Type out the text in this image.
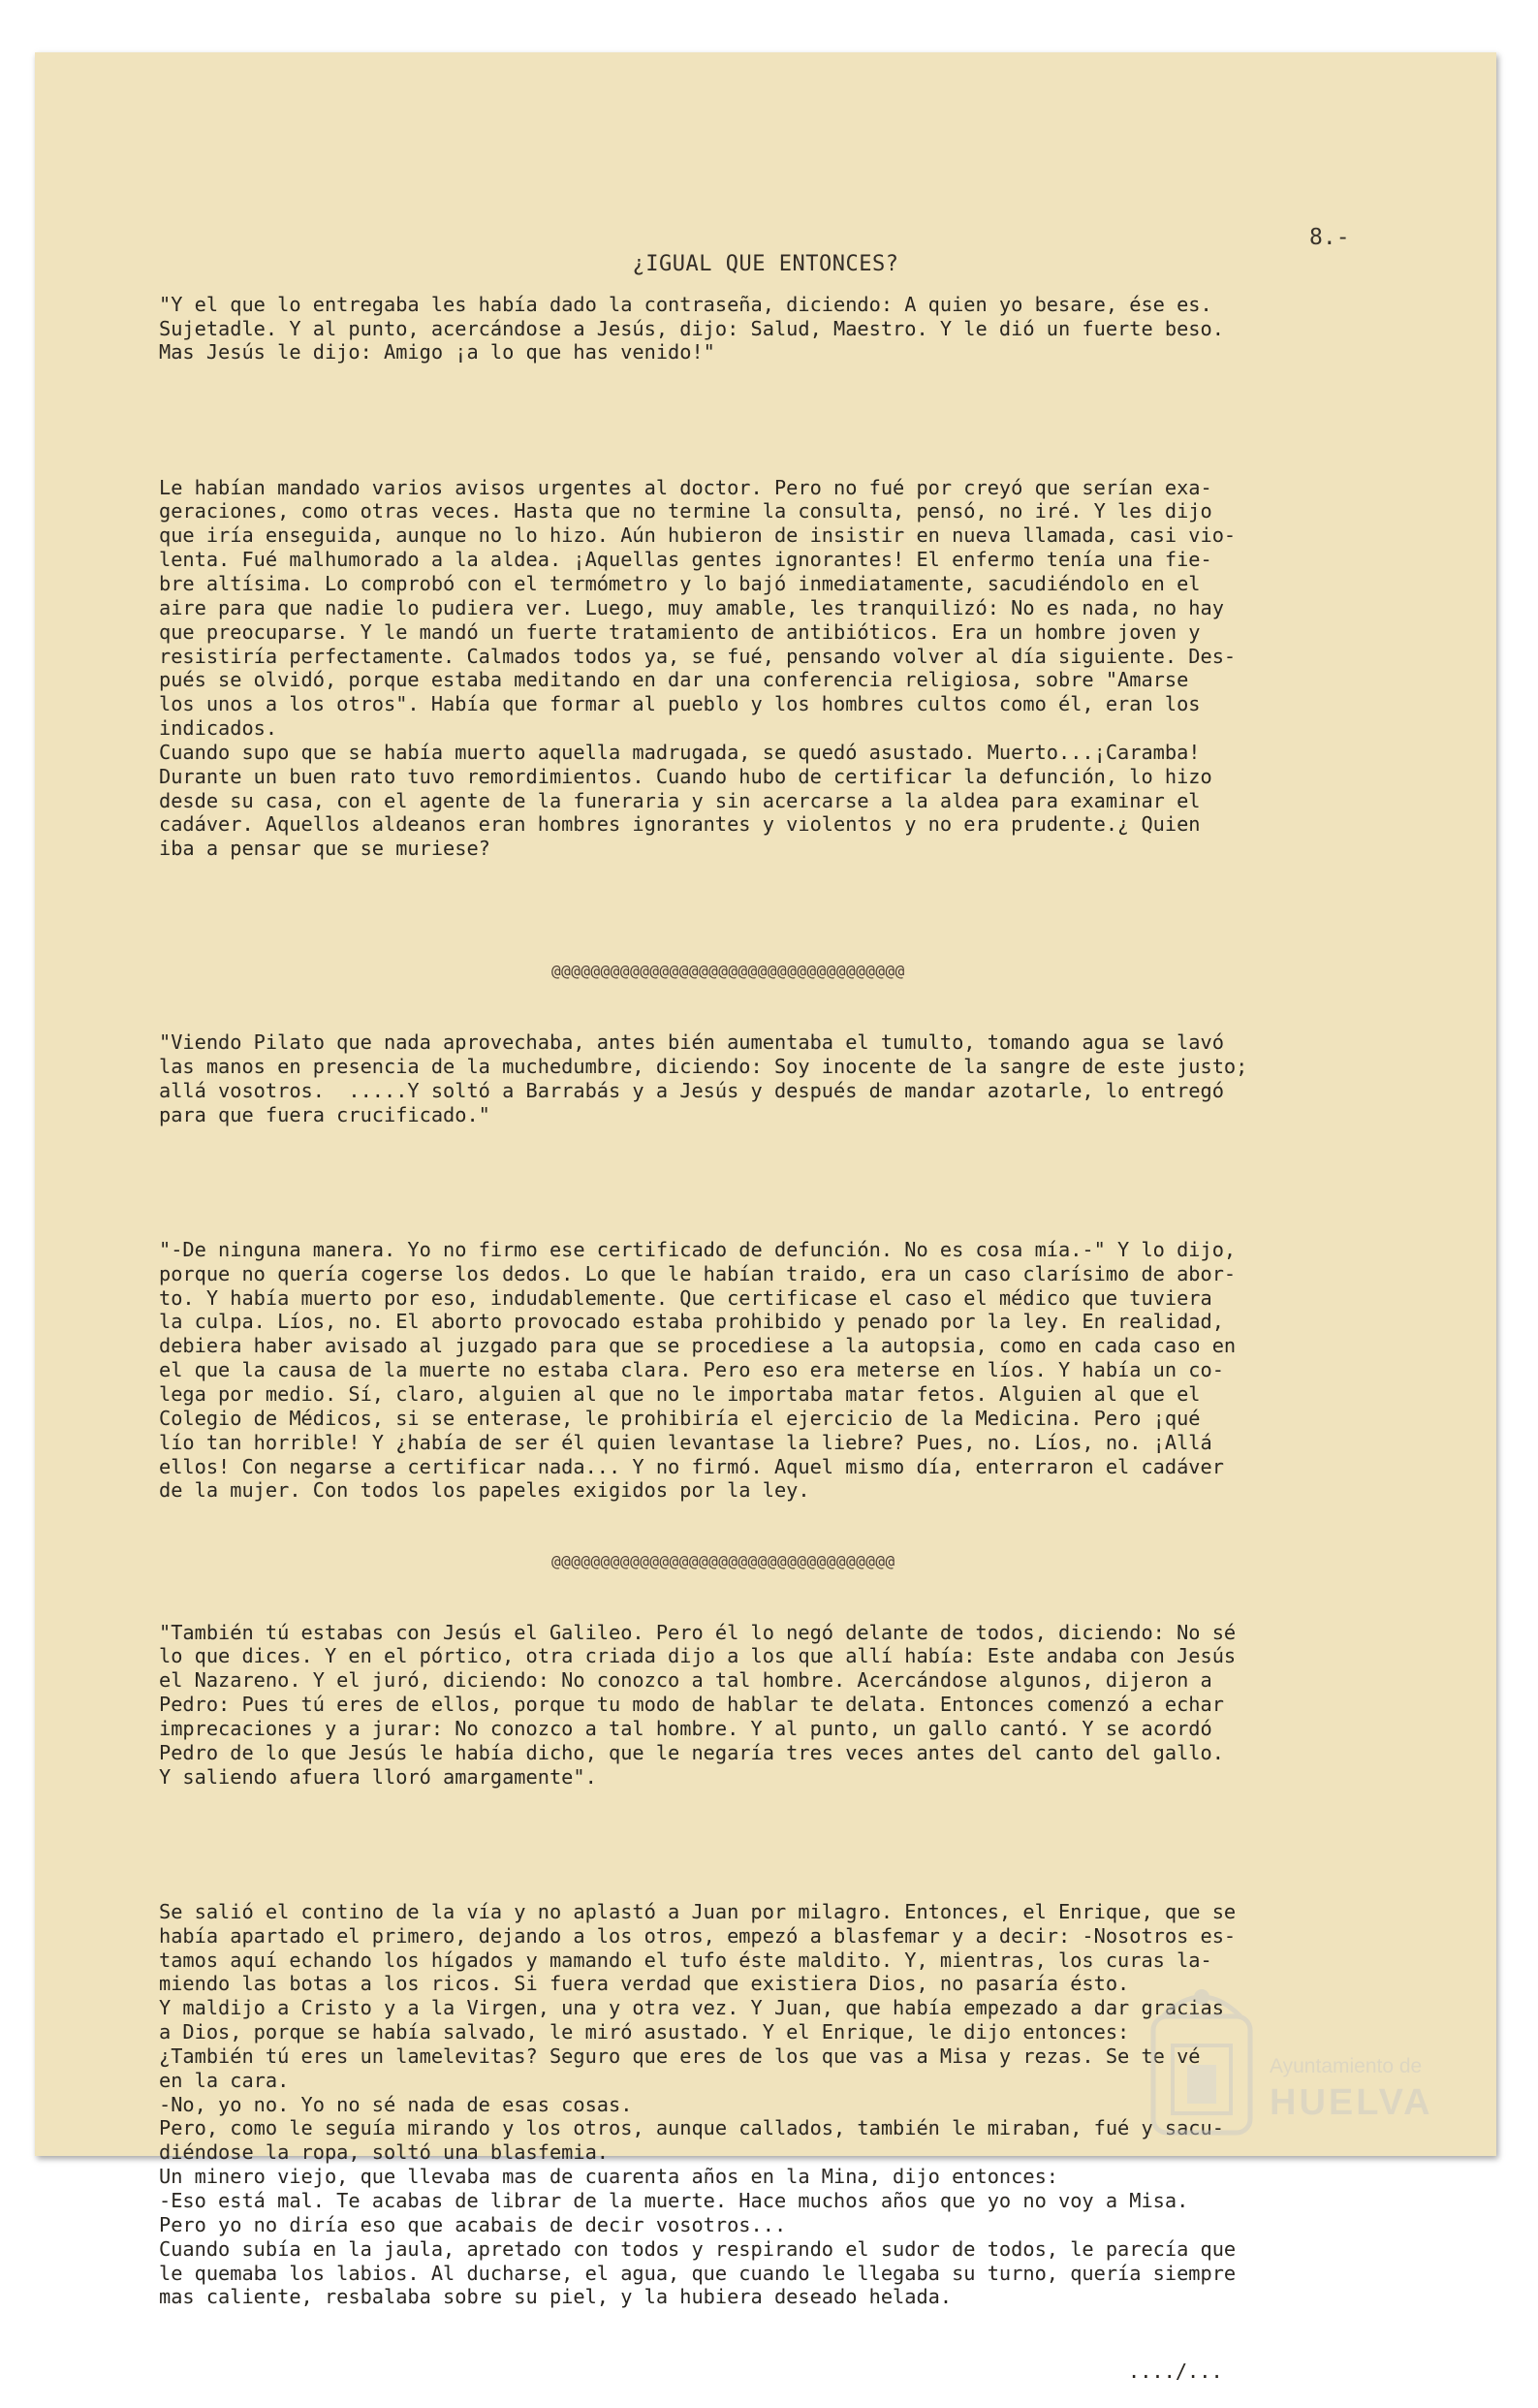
8.-
¿IGUAL QUE ENTONCES?

"Y el que lo entregaba les había dado la contraseña, diciendo: A quien yo besare, ése es.
Sujetadle. Y al punto, acercándose a Jesús, dijo: Salud, Maestro. Y le dió un fuerte beso.
Mas Jesús le dijo: Amigo ¡a lo que has venido!"

Le habían mandado varios avisos urgentes al doctor. Pero no fué por creyó que serían exa-
geraciones, como otras veces. Hasta que no termine la consulta, pensó, no iré. Y les dijo
que iría enseguida, aunque no lo hizo. Aún hubieron de insistir en nueva llamada, casi vio-
lenta. Fué malhumorado a la aldea. ¡Aquellas gentes ignorantes! El enfermo tenía una fie-
bre altísima. Lo comprobó con el termómetro y lo bajó inmediatamente, sacudiéndolo en el
aire para que nadie lo pudiera ver. Luego, muy amable, les tranquilizó: No es nada, no hay
que preocuparse. Y le mandó un fuerte tratamiento de antibióticos. Era un hombre joven y
resistiría perfectamente. Calmados todos ya, se fué, pensando volver al día siguiente. Des-
pués se olvidó, porque estaba meditando en dar una conferencia religiosa, sobre "Amarse
los unos a los otros". Había que formar al pueblo y los hombres cultos como él, eran los
indicados.
Cuando supo que se había muerto aquella madrugada, se quedó asustado. Muerto...¡Caramba!
Durante un buen rato tuvo remordimientos. Cuando hubo de certificar la defunción, lo hizo
desde su casa, con el agente de la funeraria y sin acercarse a la aldea para examinar el
cadáver. Aquellos aldeanos eran hombres ignorantes y violentos y no era prudente.¿ Quien
iba a pensar que se muriese?

@@@@@@@@@@@@@@@@@@@@@@@@@@@@@@@@@@@@

"Viendo Pilato que nada aprovechaba, antes bién aumentaba el tumulto, tomando agua se lavó
las manos en presencia de la muchedumbre, diciendo: Soy inocente de la sangre de este justo;
allá vosotros.  .....Y soltó a Barrabás y a Jesús y después de mandar azotarle, lo entregó
para que fuera crucificado."

"-De ninguna manera. Yo no firmo ese certificado de defunción. No es cosa mía.-" Y lo dijo,
porque no quería cogerse los dedos. Lo que le habían traido, era un caso clarísimo de abor-
to. Y había muerto por eso, indudablemente. Que certificase el caso el médico que tuviera
la culpa. Líos, no. El aborto provocado estaba prohibido y penado por la ley. En realidad,
debiera haber avisado al juzgado para que se procediese a la autopsia, como en cada caso en
el que la causa de la muerte no estaba clara. Pero eso era meterse en líos. Y había un co-
lega por medio. Sí, claro, alguien al que no le importaba matar fetos. Alguien al que el
Colegio de Médicos, si se enterase, le prohibiría el ejercicio de la Medicina. Pero ¡qué
lío tan horrible! Y ¿había de ser él quien levantase la liebre? Pues, no. Líos, no. ¡Allá
ellos! Con negarse a certificar nada... Y no firmó. Aquel mismo día, enterraron el cadáver
de la mujer. Con todos los papeles exigidos por la ley.

@@@@@@@@@@@@@@@@@@@@@@@@@@@@@@@@@@@

"También tú estabas con Jesús el Galileo. Pero él lo negó delante de todos, diciendo: No sé
lo que dices. Y en el pórtico, otra criada dijo a los que allí había: Este andaba con Jesús
el Nazareno. Y el juró, diciendo: No conozco a tal hombre. Acercándose algunos, dijeron a
Pedro: Pues tú eres de ellos, porque tu modo de hablar te delata. Entonces comenzó a echar
imprecaciones y a jurar: No conozco a tal hombre. Y al punto, un gallo cantó. Y se acordó
Pedro de lo que Jesús le había dicho, que le negaría tres veces antes del canto del gallo.
Y saliendo afuera lloró amargamente".

Se salió el contino de la vía y no aplastó a Juan por milagro. Entonces, el Enrique, que se
había apartado el primero, dejando a los otros, empezó a blasfemar y a decir: -Nosotros es-
tamos aquí echando los hígados y mamando el tufo éste maldito. Y, mientras, los curas la-
miendo las botas a los ricos. Si fuera verdad que existiera Dios, no pasaría ésto.
Y maldijo a Cristo y a la Virgen, una y otra vez. Y Juan, que había empezado a dar gracias
a Dios, porque se había salvado, le miró asustado. Y el Enrique, le dijo entonces:
¿También tú eres un lamelevitas? Seguro que eres de los que vas a Misa y rezas. Se te vé
en la cara.
-No, yo no. Yo no sé nada de esas cosas.
Pero, como le seguía mirando y los otros, aunque callados, también le miraban, fué y sacu-
diéndose la ropa, soltó una blasfemia.
Un minero viejo, que llevaba mas de cuarenta años en la Mina, dijo entonces:
-Eso está mal. Te acabas de librar de la muerte. Hace muchos años que yo no voy a Misa.
Pero yo no diría eso que acabais de decir vosotros...
Cuando subía en la jaula, apretado con todos y respirando el sudor de todos, le parecía que
le quemaba los labios. Al ducharse, el agua, que cuando le llegaba su turno, quería siempre
mas caliente, resbalaba sobre su piel, y la hubiera deseado helada.

..../...

Ayuntamiento de
HUELVA
